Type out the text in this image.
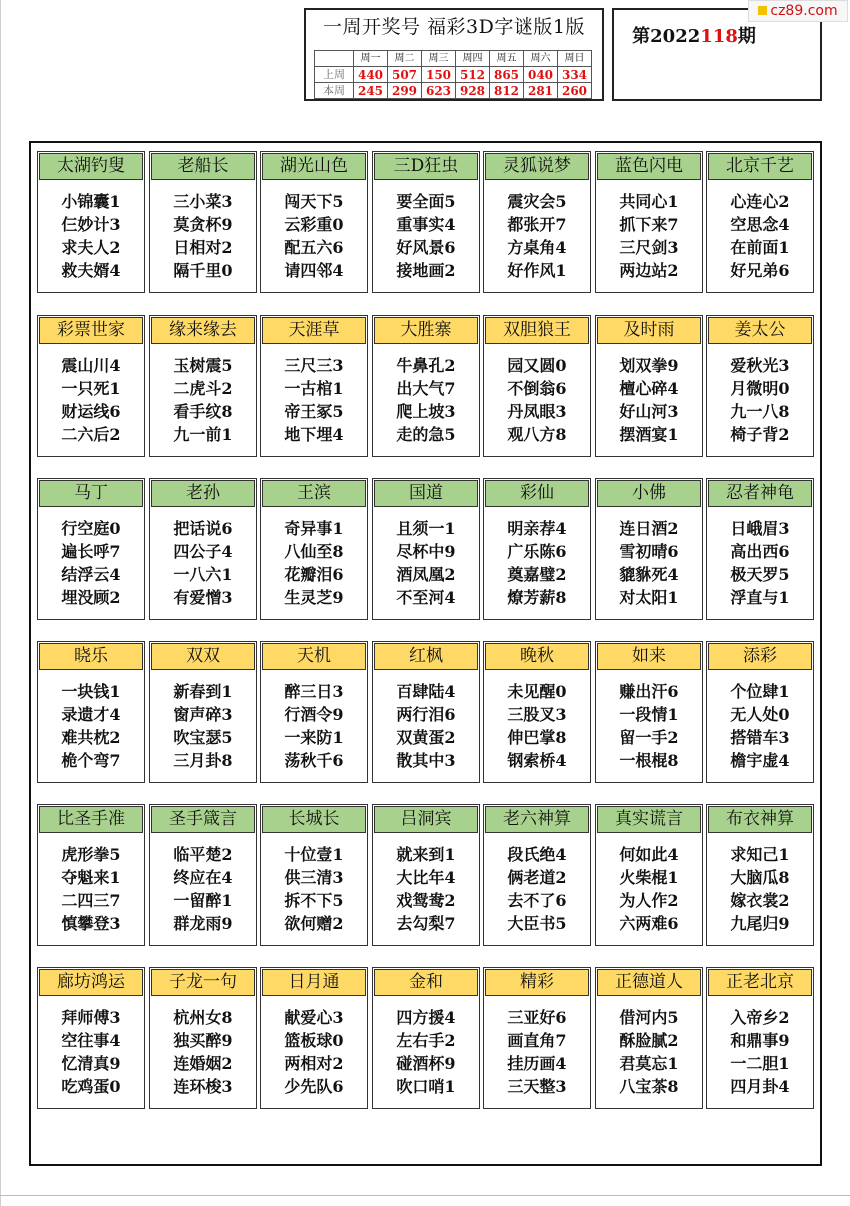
一周开奖号 福彩3D字谜版1版
	周一	周二	周三	周四	周五	周六	周日
上周	440	507	150	512	865	040	334
本周	245	299	623	928	812	281	260
第2022118期
cz89.com
太湖钓叟
小锦囊1
仨妙计3
求夫人2
救夫婿4
老船长
三小菜3
莫贪杯9
日相对2
隔千里0
湖光山色
闯天下5
云彩重0
配五六6
请四邻4
三D狂虫
要全面5
重事实4
好风景6
接地画2
灵狐说梦
震灾会5
都张开7
方桌角4
好作风1
蓝色闪电
共同心1
抓下来7
三尺剑3
两边站2
北京千艺
心连心2
空思念4
在前面1
好兄弟6
彩票世家
震山川4
一只死1
财运线6
二六后2
缘来缘去
玉树震5
二虎斗2
看手纹8
九一前1
天涯草
三尺三3
一古棺1
帝王冢5
地下埋4
大胜寨
牛鼻孔2
出大气7
爬上坡3
走的急5
双胆狼王
园又圆0
不倒翁6
丹凤眼3
观八方8
及时雨
划双拳9
檀心碎4
好山河3
摆酒宴1
姜太公
爱秋光3
月微明0
九一八8
椅子背2
马丁
行空庭0
遍长呼7
结浮云4
埋没顾2
老孙
把话说6
四公子4
一八六1
有爱憎3
王滨
奇异事1
八仙至8
花瓣泪6
生灵芝9
国道
且须一1
尽杯中9
酒凤凰2
不至河4
彩仙
明亲荐4
广乐陈6
奠嘉璧2
燎芳薪8
小佛
连日酒2
雪初晴6
貔貅死4
对太阳1
忍者神龟
日峨眉3
高出西6
极天罗5
浮直与1
晓乐
一块钱1
录遗才4
难共枕2
桅个弯7
双双
新春到1
窗声碎3
吹宝瑟5
三月卦8
天机
醉三日3
行酒令9
一来防1
荡秋千6
红枫
百肆陆4
两行泪6
双黄蛋2
散其中3
晚秋
未见醒0
三股叉3
伸巴掌8
钢索桥4
如来
赚出汗6
一段情1
留一手2
一根棍8
添彩
个位肆1
无人处0
搭错车3
檐宇虚4
比圣手准
虎形拳5
夺魁来1
二四三7
慎攀登3
圣手箴言
临平楚2
终应在4
一留醉1
群龙雨9
长城长
十位壹1
供三清3
拆不下5
欲何赠2
吕洞宾
就来到1
大比年4
戏鸳鸯2
去勾梨7
老六神算
段氏绝4
俩老道2
去不了6
大臣书5
真实谎言
何如此4
火柴棍1
为人作2
六两难6
布衣神算
求知己1
大脑瓜8
嫁衣裳2
九尾归9
廊坊鸿运
拜师傅3
空往事4
忆清真9
吃鸡蛋0
子龙一句
杭州女8
独买醉9
连婚姻2
连环梭3
日月通
献爱心3
篮板球0
两相对2
少先队6
金和
四方援4
左右手2
碰酒杯9
吹口哨1
精彩
三亚好6
画直角7
挂历画4
三天整3
正德道人
借河内5
酥脸腻2
君莫忘1
八宝茶8
正老北京
入帝乡2
和鼎事9
一二胆1
四月卦4
